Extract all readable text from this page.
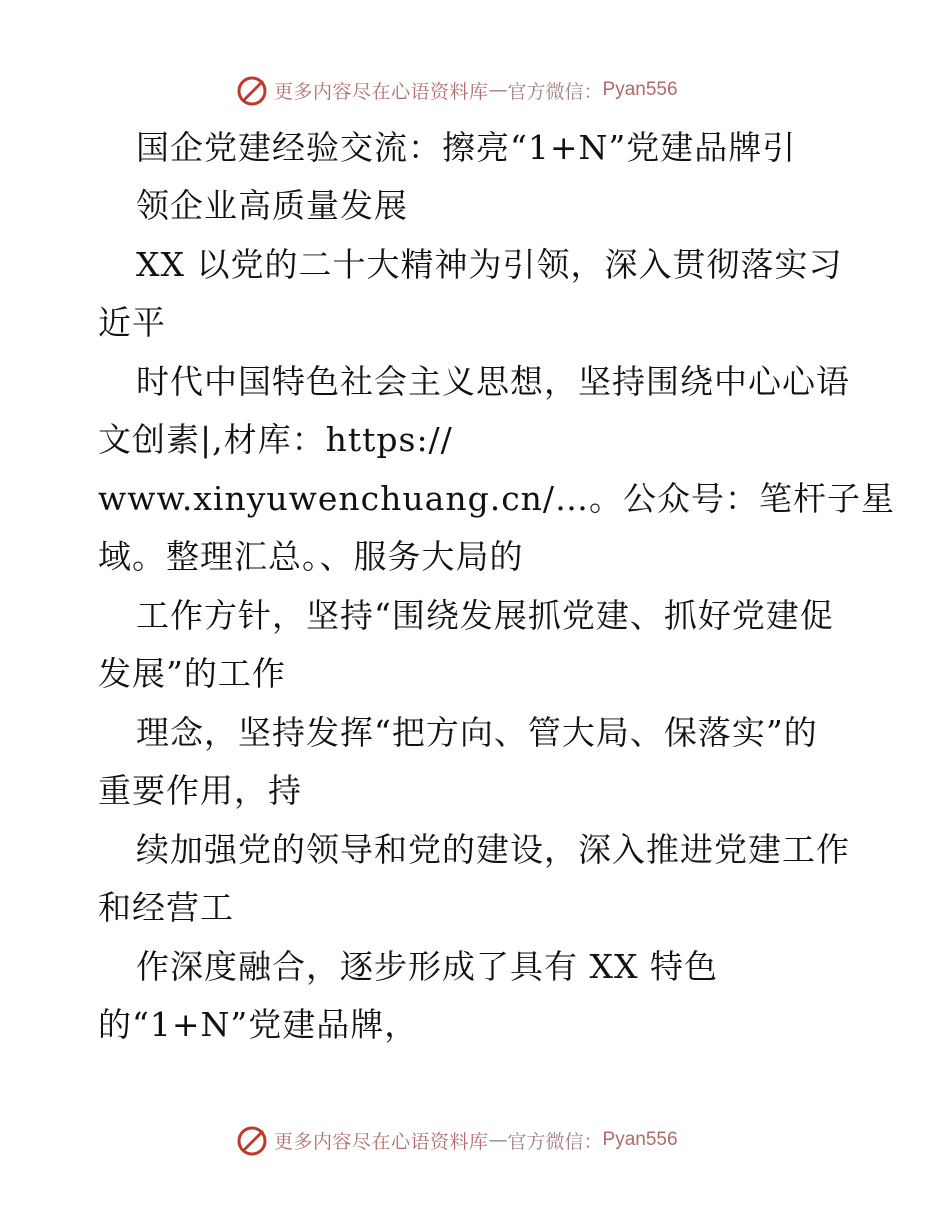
更多内容尽在心语资料库 — 官方微信： Pyan556
国企党建经验交流：擦亮“1+N”党建品牌引
领企业高质量发展
XX 以党的二十大精神为引领，深入贯彻落实习
近平
时代中国特色社会主义思想，坚持围绕中心心语
文创素|,材库：https://
www.xinyuwenchuang.cn/…。公众号：笔杆子星
域。整理汇总。、服务大局的
工作方针，坚持“围绕发展抓党建、抓好党建促
发展”的工作
理念，坚持发挥“把方向、管大局、保落实”的
重要作用，持
续加强党的领导和党的建设，深入推进党建工作
和经营工
作深度融合，逐步形成了具有 XX 特色
的“1+N”党建品牌，
更多内容尽在心语资料库 — 官方微信： Pyan556
